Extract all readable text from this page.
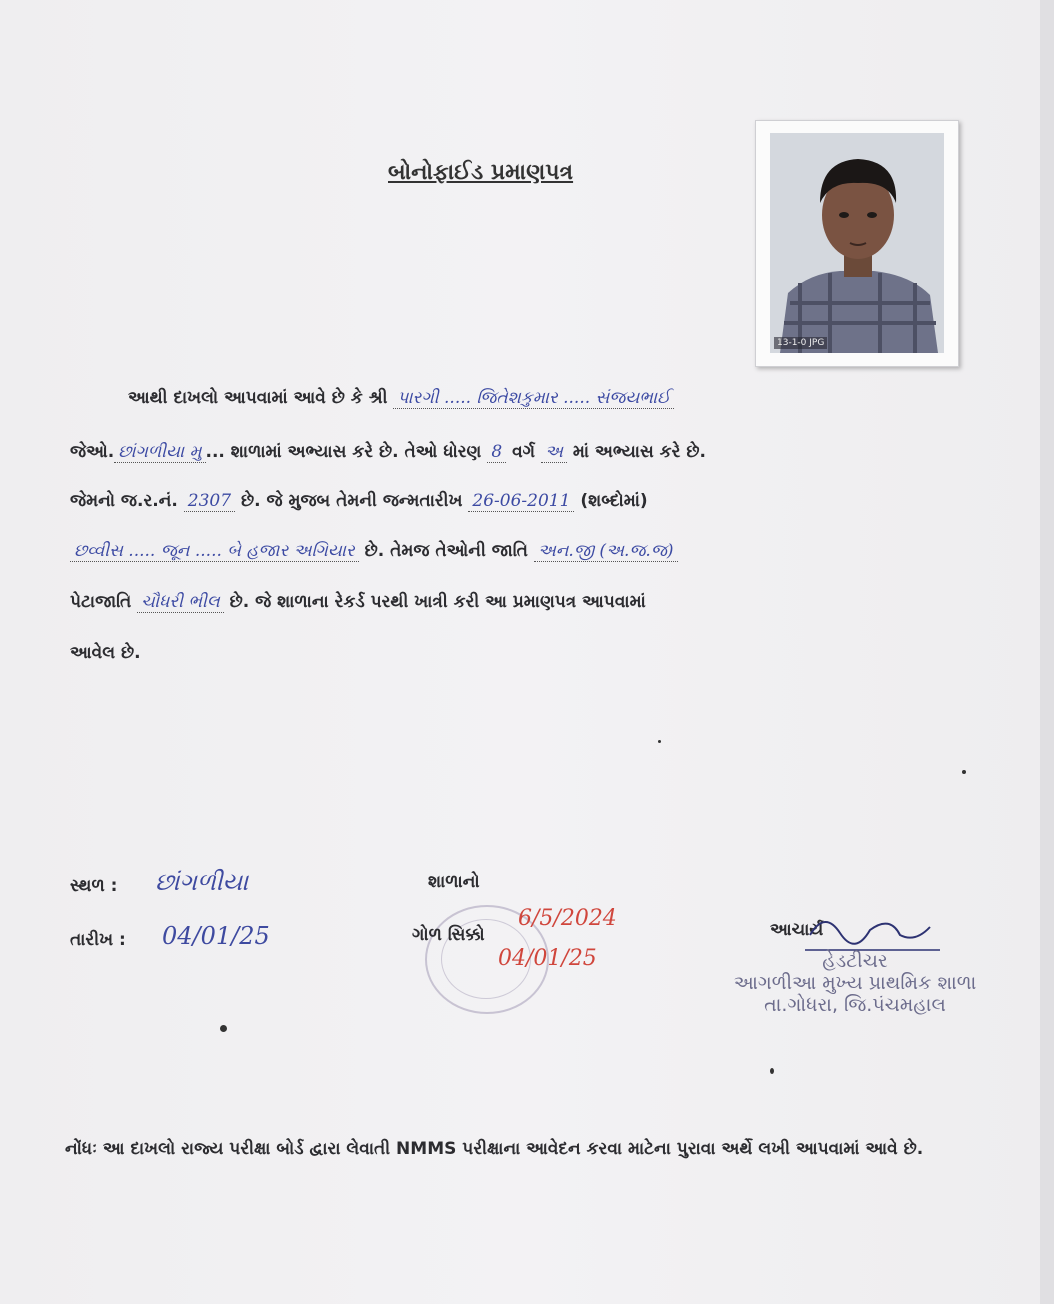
બોનોફાઈડ પ્રમાણપત્ર
13-1-0 JPG
આથી દાખલો આપવામાં આવે છે કે શ્રી પારગી ..... જિતેશકુમાર ..... સંજયભાઈ
જેઓ. છાંગળીયા મુ ... શાળામાં અભ્યાસ કરે છે. તેઓ ધોરણ 8 વર્ગ અ માં અભ્યાસ કરે છે.
જેમનો જ.ર.નં. 2307 છે. જે મુજબ તેમની જન્મતારીખ 26-06-2011 (શબ્દોમાં)
છવ્વીસ ..... જૂન ..... બે હજાર અગિયાર છે. તેમજ તેઓની જાતિ અન.જી (અ.જ.જ)
પેટાજાતિ ચૌધરી ભીલ છે. જે શાળાના રેકર્ડ પરથી ખાત્રી કરી આ પ્રમાણપત્ર આપવામાં
આવેલ છે.
સ્થળ : છાંગળીયા
તારીખ : 04/01/25
શાળાનો
ગોળ સિક્કો
6/5/2024
04/01/25
આચાર્ય
હેડટીચર
આગળીઆ મુખ્ય પ્રાથમિક શાળા
તા.ગોધરા, જિ.પંચમહાલ
નોંધઃ આ દાખલો રાજ્ય પરીક્ષા બોર્ડ દ્વારા લેવાતી NMMS પરીક્ષાના આવેદન કરવા માટેના પુરાવા અર્થે લખી આપવામાં આવે છે.
